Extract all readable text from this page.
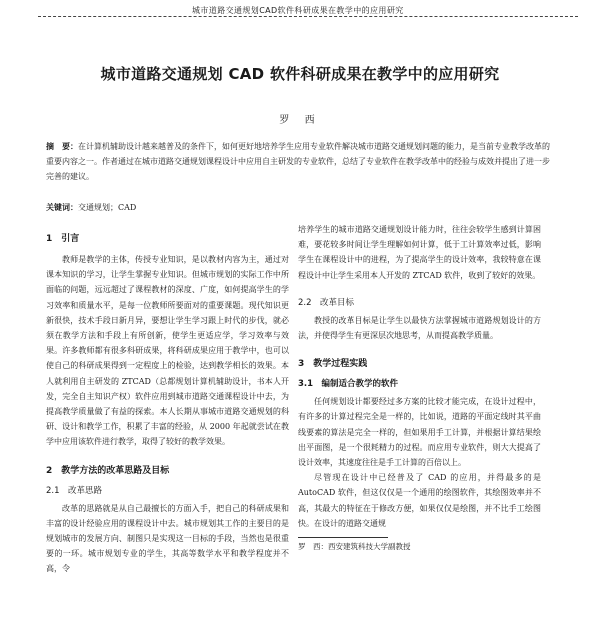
城市道路交通规划CAD软件科研成果在教学中的应用研究
城市道路交通规划 CAD 软件科研成果在教学中的应用研究
罗 西
摘　要：在计算机辅助设计越来越普及的条件下，如何更好地培养学生应用专业软件解决城市道路交通规划问题的能力，是当前专业教学改革的重要内容之一。作者通过在城市道路交通规划课程设计中应用自主研发的专业软件，总结了专业软件在教学改革中的经验与成效并提出了进一步完善的建议。
关键词：交通规划；CAD
1　引言

教师是教学的主体，传授专业知识，是以教材内容为主，通过对课本知识的学习，让学生掌握专业知识。但城市规划的实际工作中所面临的问题，远远超过了课程教材的深度、广度，如何提高学生的学习效率和质量水平，是每一位教师所要面对的重要课题。现代知识更新很快，技术手段日新月异，要想让学生学习跟上时代的步伐，就必须在教学方法和手段上有所创新，使学生更适应学，学习效率与效果。许多教师都有很多科研成果，将科研成果应用于教学中，也可以使自己的科研成果得到一定程度上的检验，达到教学相长的效果。本人就利用自主研发的 ZTCAD（总都规划计算机辅助设计，书本人开发，完全自主知识产权）软件应用到城市道路交通课程设计中去，为提高教学质量做了有益的探索。本人长期从事城市道路交通规划的科研、设计和教学工作，积累了丰富的经验，从 2000 年起就尝试在教学中应用该软件进行教学，取得了较好的教学效果。

2　教学方法的改革思路及目标
2.1　改革思路

改革的思路就是从自己最擅长的方面入手，把自己的科研成果和丰富的设计经验应用的课程设计中去。城市规划其工作的主要目的是规划城市的发展方向、制图只是实现这一目标的手段，当然也是很重要的一环。城市规划专业的学生，其高等数学水平和教学程度并不高，令

培养学生的城市道路交通规划设计能力时，往往会较学生感到计算困难，要花较多时间让学生理解如何计算，低于工计算效率过低，影响学生在课程设计中的进程，为了提高学生的设计效率，我较特意在课程设计中让学生采用本人开发的 ZTCAD 软件，收到了较好的效果。

2.2　改革目标

教授的改革目标是让学生以最快方法掌握城市道路规划设计的方法，并使得学生有更深层次地思考，从而提高教学质量。

3　教学过程实践
3.1　编制适合教学的软件

任何规划设计都要经过多方案的比较才能完成，在设计过程中，有许多的计算过程完全是一样的，比如说，道路的平面定线时其平曲线要素的算法是完全一样的，但如果用手工计算，并根据计算结果绘出平面图，是一个很耗精力的过程。而应用专业软件，则大大提高了设计效率，其速度往往是手工计算的百倍以上。

尽管现在设计中已经普及了 CAD 的应用，并得最多的是 AutoCAD 软件，但这仅仅是一个通用的绘图软件，其绘图效率并不高，其最大的特征在于修改方便，如果仅仅是绘图，并不比手工绘图快。在设计的道路交通规

罗　西：西安建筑科技大学副教授
